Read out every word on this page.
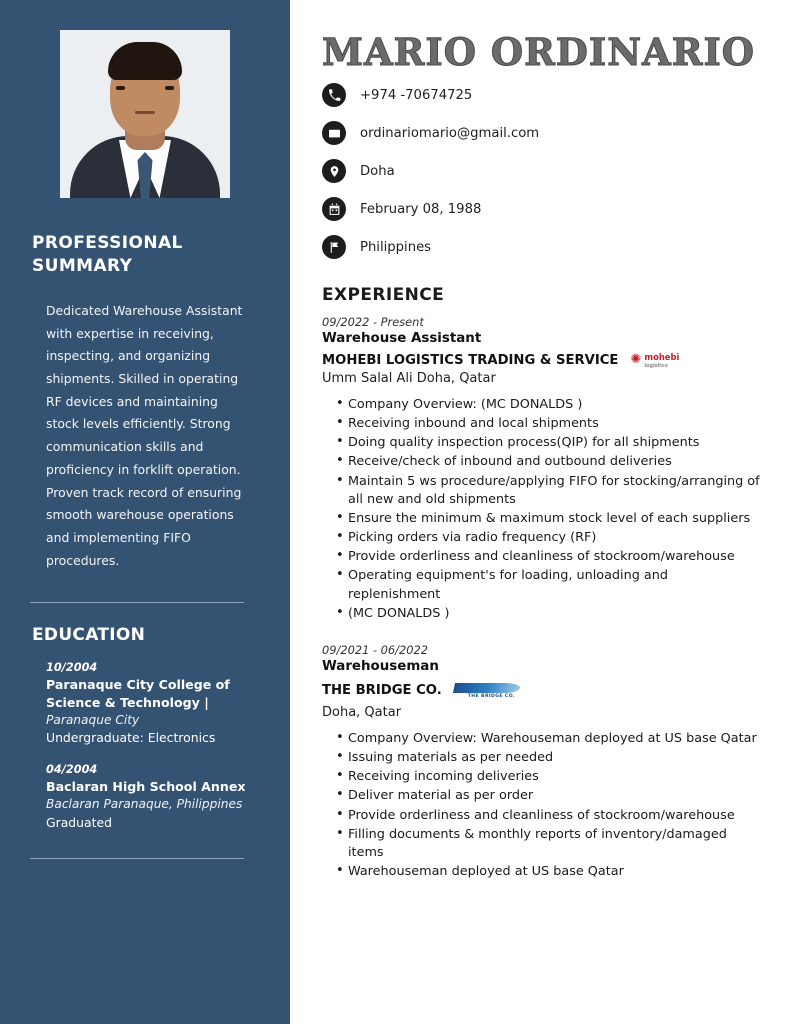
PROFESSIONAL SUMMARY
Dedicated Warehouse Assistant with expertise in receiving, inspecting, and organizing shipments. Skilled in operating RF devices and maintaining stock levels efficiently. Strong communication skills and proficiency in forklift operation. Proven track record of ensuring smooth warehouse operations and implementing FIFO procedures.
EDUCATION
10/2004
Paranaque City College of Science & Technology |
Paranaque City
Undergraduate: Electronics
04/2004
Baclaran High School Annex
Baclaran Paranaque, Philippines
Graduated
MARIO ORDINARIO
+974 -70674725
ordinariomario@gmail.com
Doha
February 08, 1988
Philippines
EXPERIENCE
09/2022 - Present
Warehouse Assistant
MOHEBI LOGISTICS TRADING & SERVICE ✺ mohebi
logistics
Umm Salal Ali Doha, Qatar
• Company Overview: (MC DONALDS )
• Receiving inbound and local shipments
• Doing quality inspection process(QIP) for all shipments
• Receive/check of inbound and outbound deliveries
• Maintain 5 ws procedure/applying FIFO for stocking/arranging of all new and old shipments
• Ensure the minimum & maximum stock level of each suppliers
• Picking orders via radio frequency (RF)
• Provide orderliness and cleanliness of stockroom/warehouse
• Operating equipment's for loading, unloading and replenishment
• (MC DONALDS )
09/2021 - 06/2022
Warehouseman
THE BRIDGE CO.	THE BRIDGE CO.
Doha, Qatar
• Company Overview: Warehouseman deployed at US base Qatar
• Issuing materials as per needed
• Receiving incoming deliveries
• Deliver material as per order
• Provide orderliness and cleanliness of stockroom/warehouse
• Filling documents & monthly reports of inventory/damaged items
• Warehouseman deployed at US base Qatar
